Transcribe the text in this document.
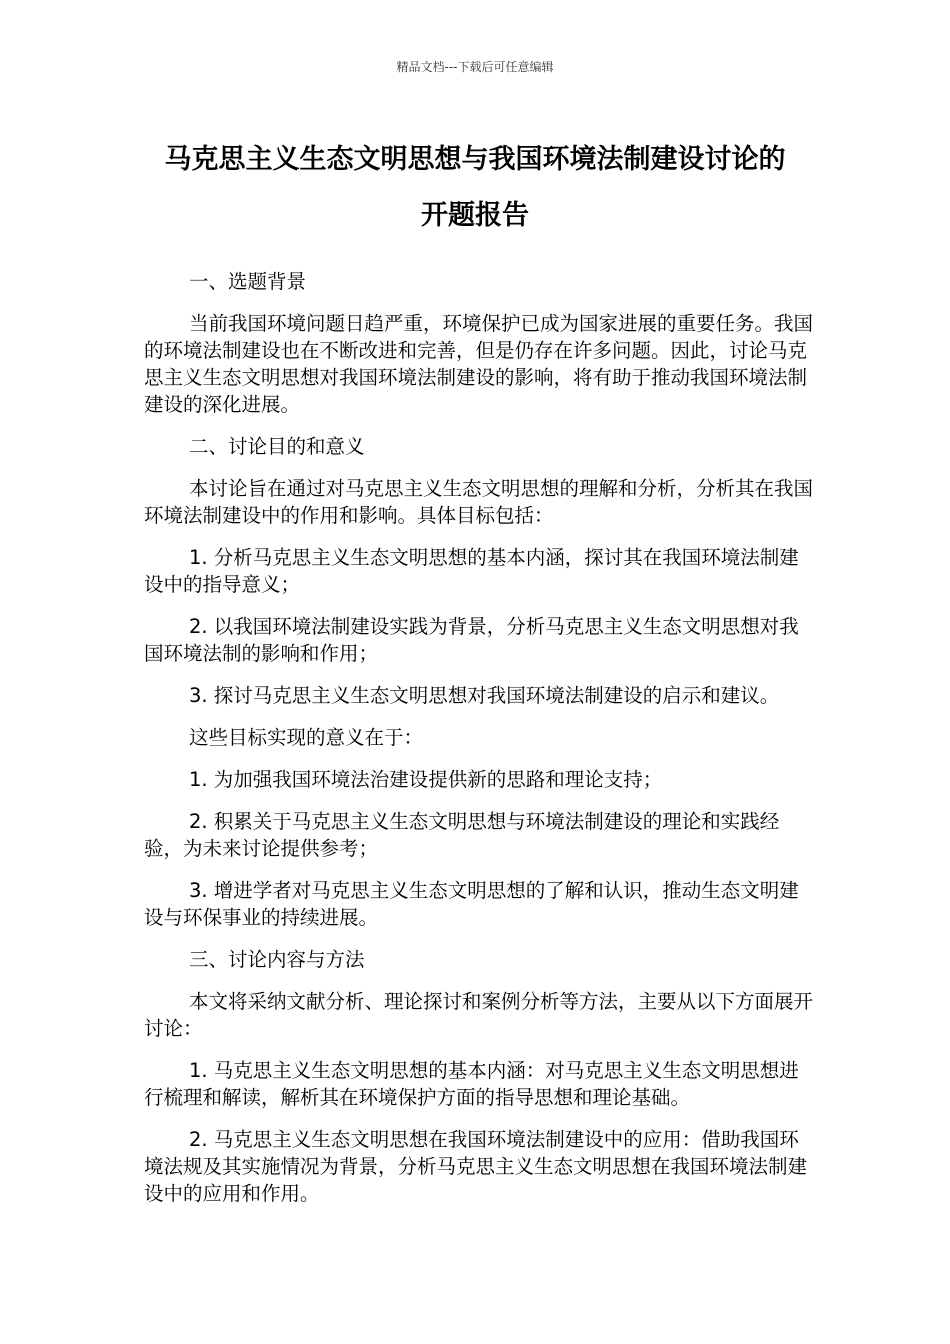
精品文档---下载后可任意编辑
马克思主义生态文明思想与我国环境法制建设讨论的
开题报告

一、选题背景

当前我国环境问题日趋严重，环境保护已成为国家进展的重要任务。我国的环境法制建设也在不断改进和完善，但是仍存在许多问题。因此，讨论马克思主义生态文明思想对我国环境法制建设的影响，将有助于推动我国环境法制建设的深化进展。

二、讨论目的和意义

本讨论旨在通过对马克思主义生态文明思想的理解和分析，分析其在我国环境法制建设中的作用和影响。具体目标包括：

1. 分析马克思主义生态文明思想的基本内涵，探讨其在我国环境法制建设中的指导意义；

2. 以我国环境法制建设实践为背景，分析马克思主义生态文明思想对我国环境法制的影响和作用；

3. 探讨马克思主义生态文明思想对我国环境法制建设的启示和建议。

这些目标实现的意义在于：

1. 为加强我国环境法治建设提供新的思路和理论支持；

2. 积累关于马克思主义生态文明思想与环境法制建设的理论和实践经验，为未来讨论提供参考；

3. 增进学者对马克思主义生态文明思想的了解和认识，推动生态文明建设与环保事业的持续进展。

三、讨论内容与方法

本文将采纳文献分析、理论探讨和案例分析等方法，主要从以下方面展开讨论：

1. 马克思主义生态文明思想的基本内涵：对马克思主义生态文明思想进行梳理和解读，解析其在环境保护方面的指导思想和理论基础。

2. 马克思主义生态文明思想在我国环境法制建设中的应用：借助我国环境法规及其实施情况为背景，分析马克思主义生态文明思想在我国环境法制建设中的应用和作用。
